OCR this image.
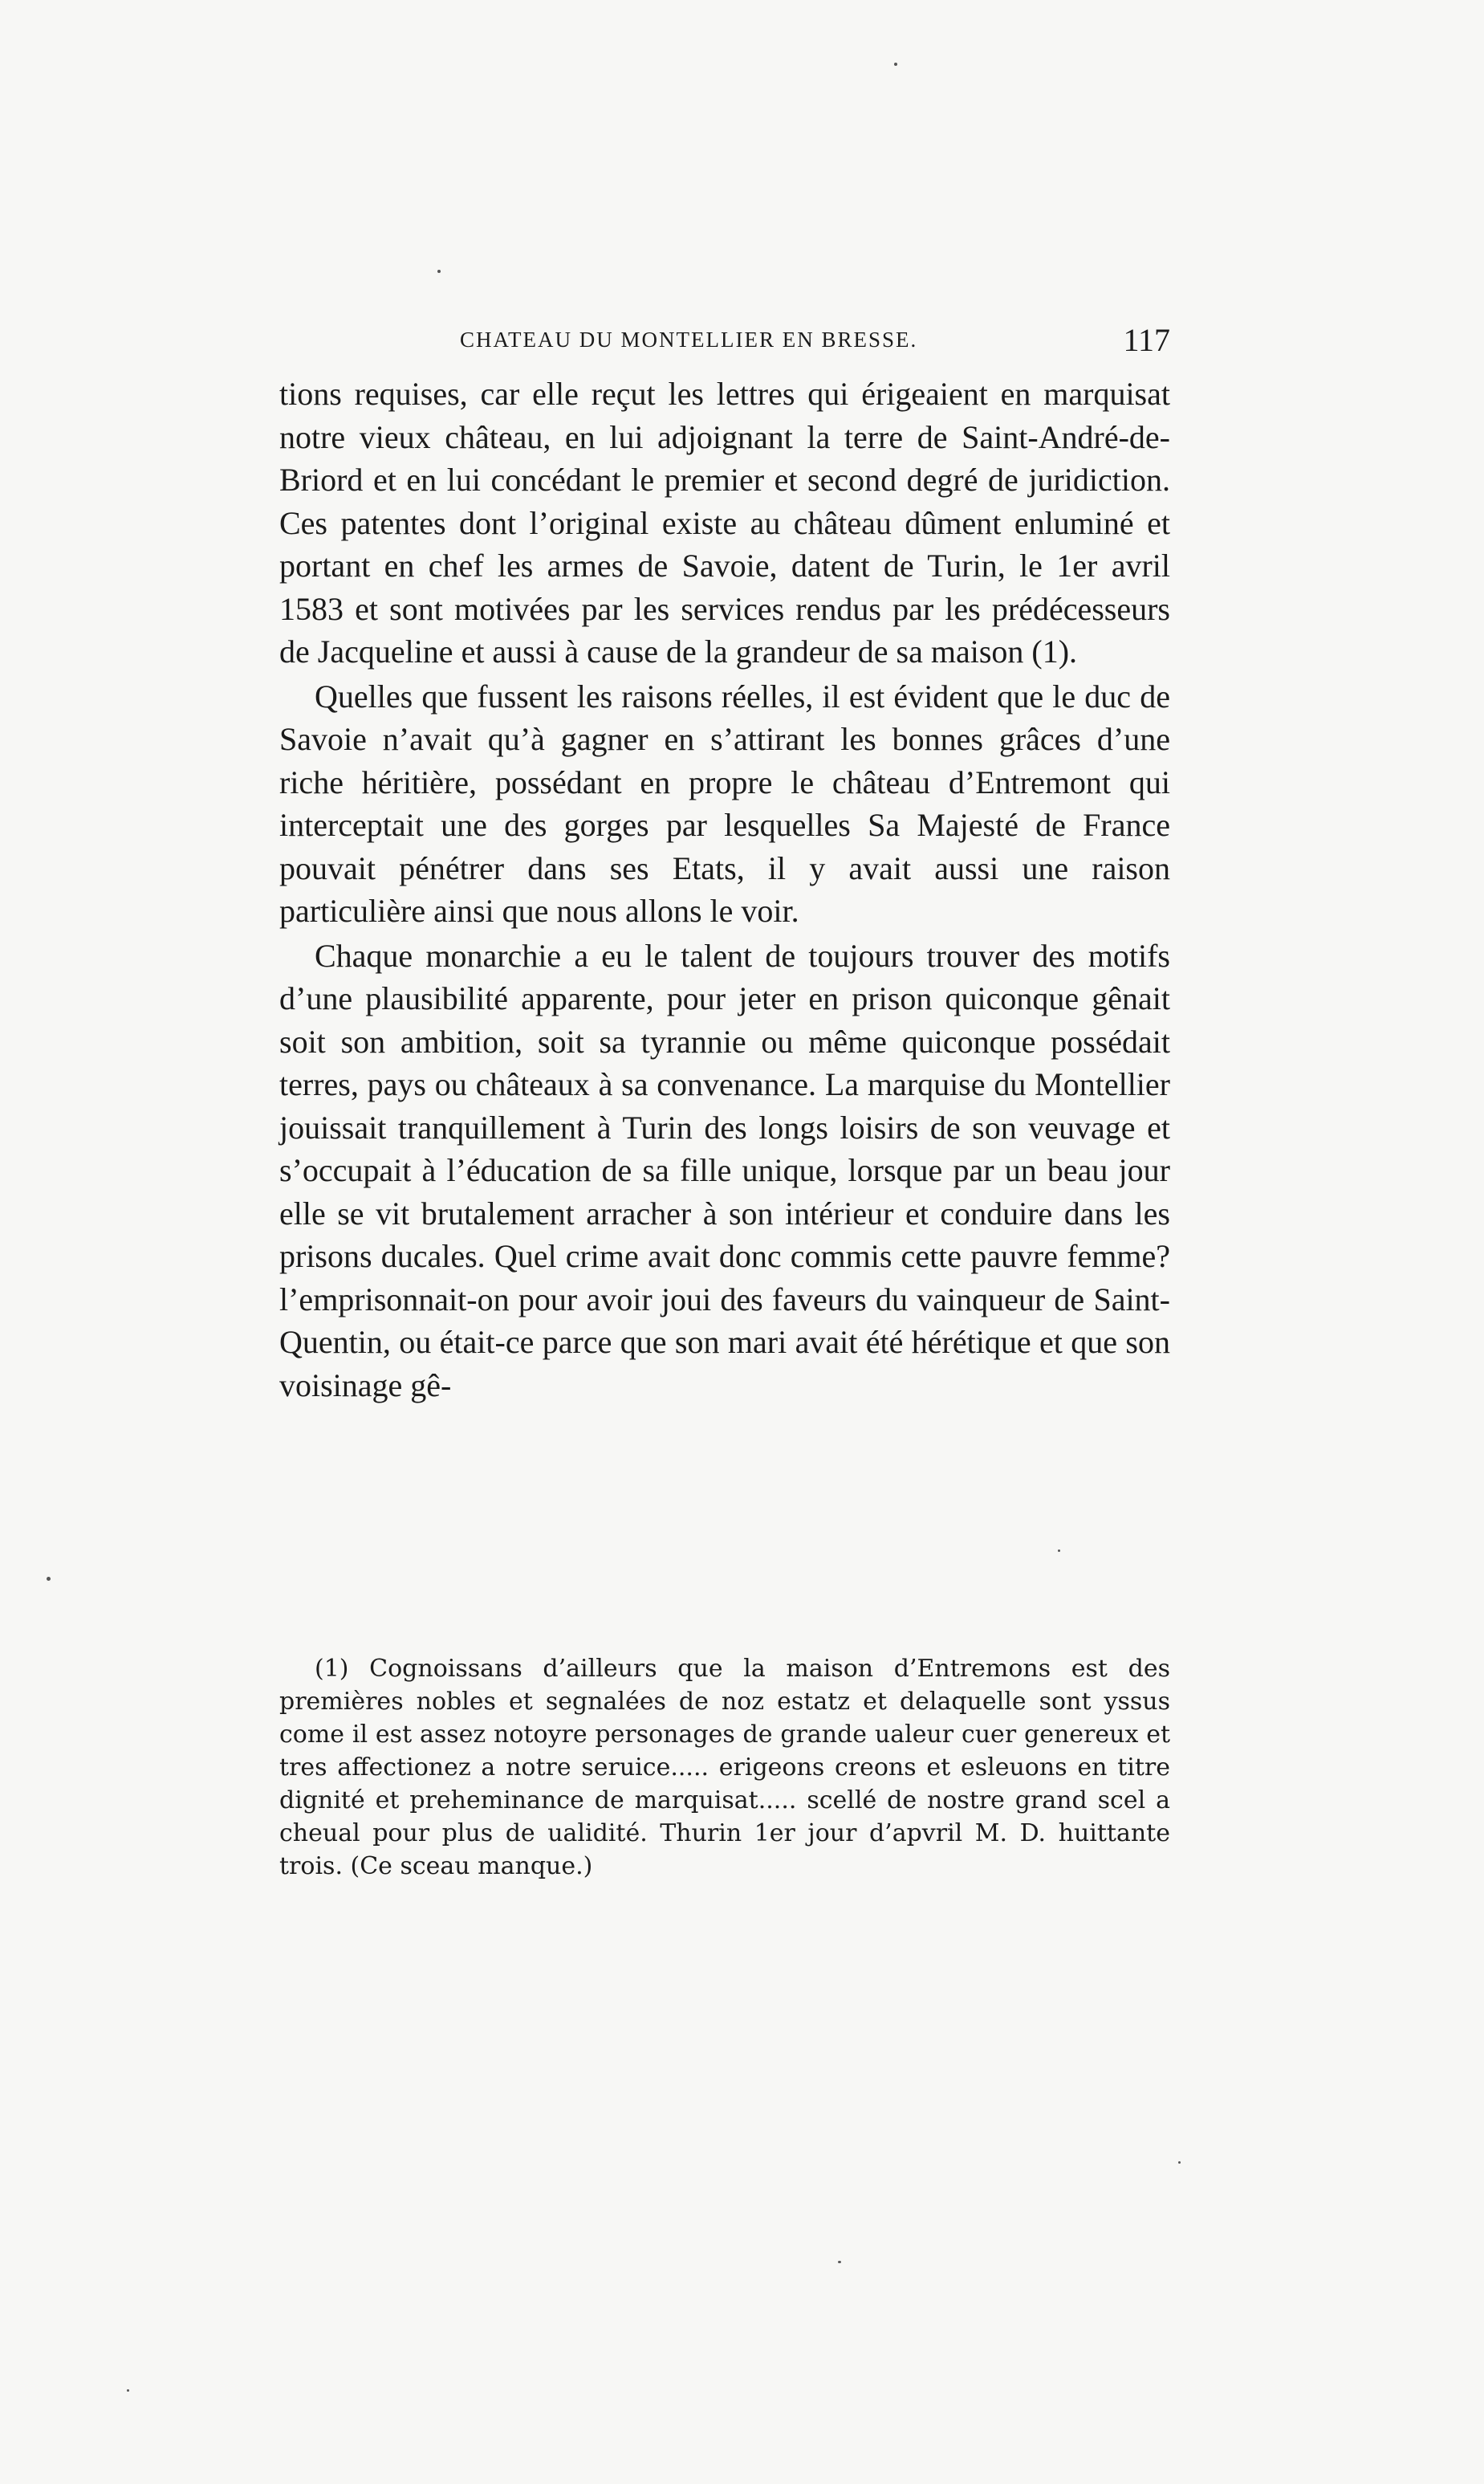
CHATEAU DU MONTELLIER EN BRESSE.	117

tions requises, car elle reçut les lettres qui érigeaient en marquisat notre vieux château, en lui adjoignant la terre de Saint-André-de-Briord et en lui concédant le premier et second degré de juridiction. Ces patentes dont l’original existe au château dûment enluminé et portant en chef les armes de Savoie, datent de Turin, le 1er avril 1583 et sont motivées par les services rendus par les prédécesseurs de Jacqueline et aussi à cause de la grandeur de sa maison (1).

Quelles que fussent les raisons réelles, il est évident que le duc de Savoie n’avait qu’à gagner en s’attirant les bonnes grâces d’une riche héritière, possédant en propre le château d’Entremont qui interceptait une des gorges par lesquelles Sa Majesté de France pouvait pénétrer dans ses Etats, il y avait aussi une raison particulière ainsi que nous allons le voir.

Chaque monarchie a eu le talent de toujours trouver des motifs d’une plausibilité apparente, pour jeter en prison quiconque gênait soit son ambition, soit sa tyrannie ou même quiconque possédait terres, pays ou châteaux à sa convenance. La marquise du Montellier jouissait tranquillement à Turin des longs loisirs de son veuvage et s’occupait à l’éducation de sa fille unique, lorsque par un beau jour elle se vit brutalement arracher à son intérieur et conduire dans les prisons ducales. Quel crime avait donc commis cette pauvre femme? l’emprisonnait-on pour avoir joui des faveurs du vainqueur de Saint-Quentin, ou était-ce parce que son mari avait été hérétique et que son voisinage gê-

(1) Cognoissans d’ailleurs que la maison d’Entremons est des premières nobles et segnalées de noz estatz et delaquelle sont yssus come il est assez notoyre personages de grande ualeur cuer genereux et tres affectionez a notre seruice..... erigeons creons et esleuons en titre dignité et preheminance de marquisat..... scellé de nostre grand scel a cheual pour plus de ualidité. Thurin 1er jour d’apvril M. D. huittante trois. (Ce sceau manque.)
